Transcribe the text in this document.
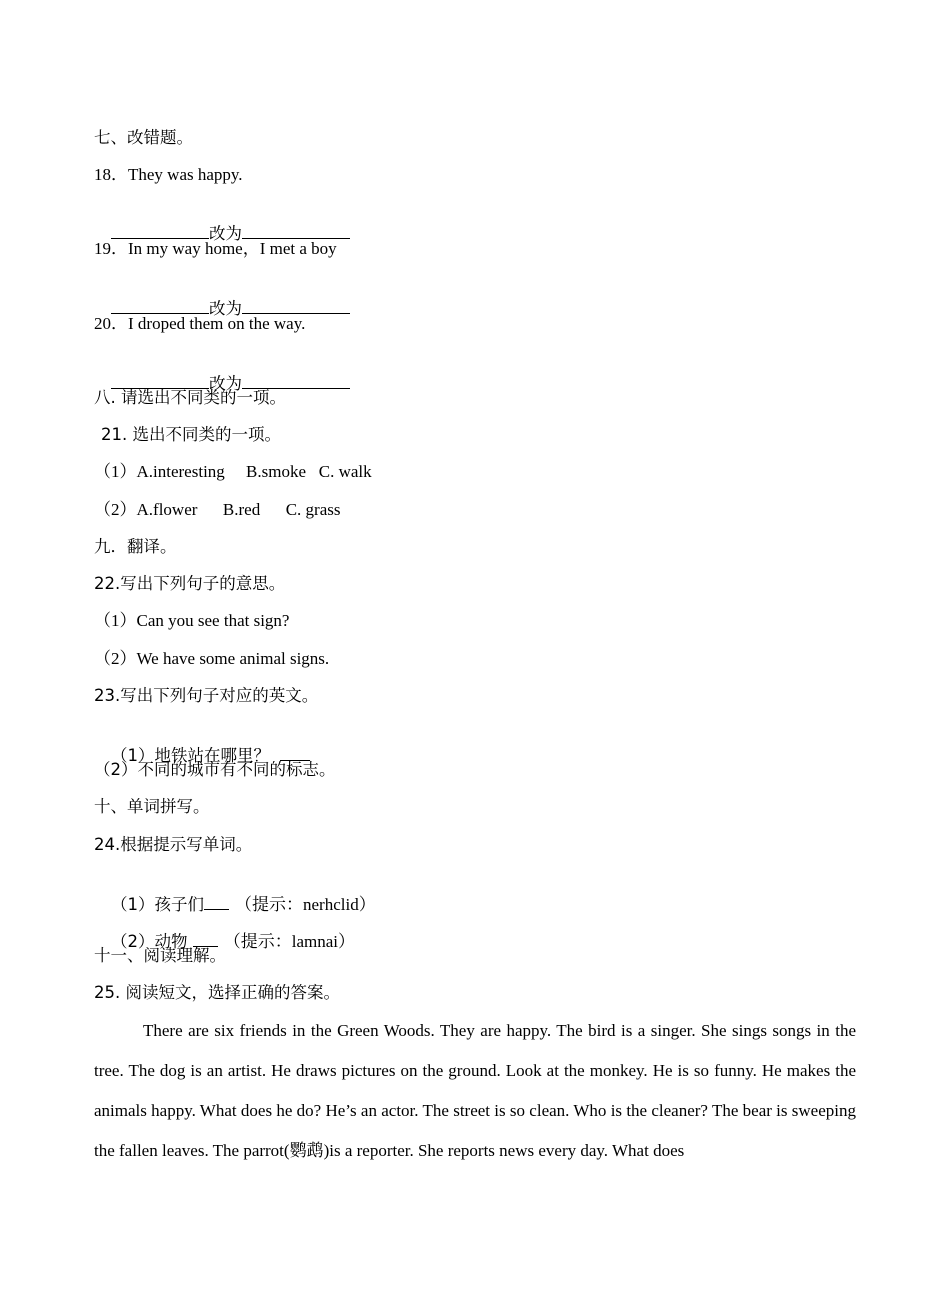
七、改错题。
18．They was happy.

改为

19．In my way home，I met a boy

改为

20．I droped them on the way.

改为

八. 请选出不同类的一项。
21. 选出不同类的一项。
（1）A.interesting     B.smoke   C. walk
（2）A.flower      B.red      C. grass
九．翻译。
22.写出下列句子的意思。
（1）Can you see that sign?
（2）We have some animal signs.
23.写出下列句子对应的英文。

（1）地铁站在哪里？

（2）不同的城市有不同的标志。
十、单词拼写。
24.根据提示写单词。

（1）孩子们 （提示：nerhclid）

（2）动物 （提示：lamnai）

十一、阅读理解。
25. 阅读短文，选择正确的答案。

There are six friends in the Green Woods. They are happy. The bird is a singer. She sings songs in the tree. The dog is an artist. He draws pictures on the ground. Look at the monkey. He is so funny. He makes the animals happy. What does he do? He’s an actor. The street is so clean. Who is the cleaner? The bear is sweeping the fallen leaves. The parrot(鹦鹉)is a reporter. She reports news every day. What does
